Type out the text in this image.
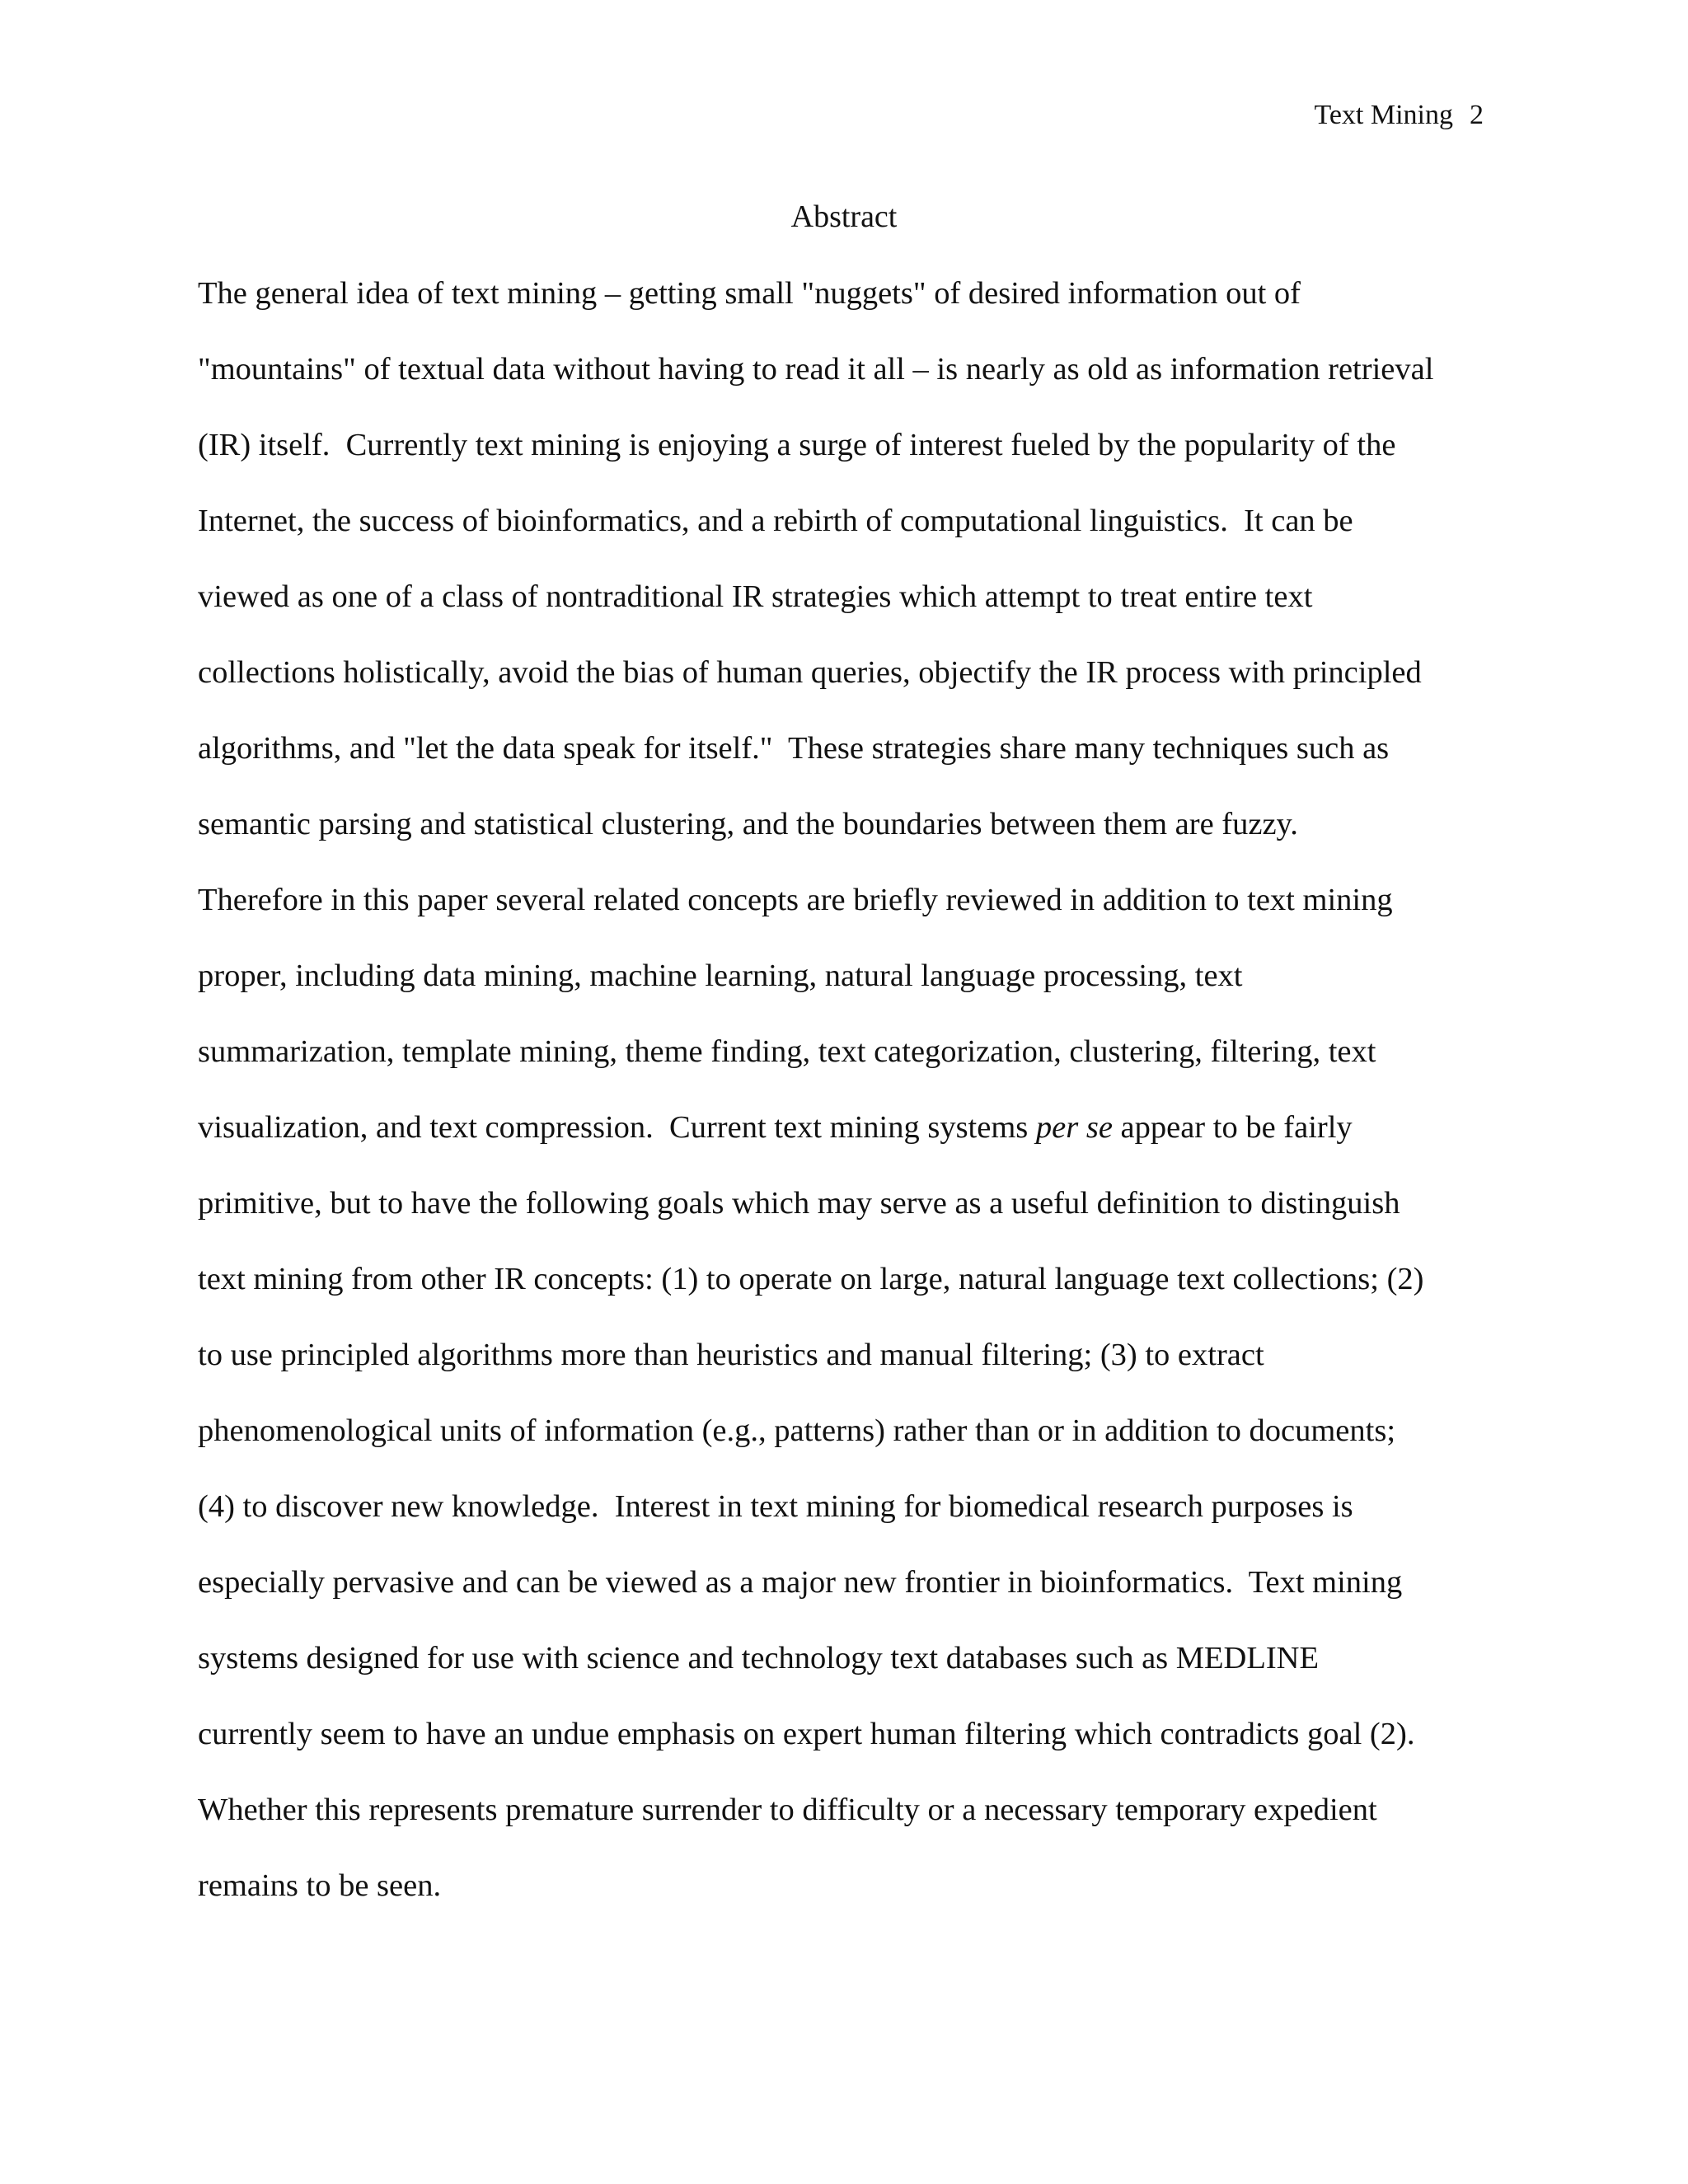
Text Mining 2
Abstract
The general idea of text mining – getting small "nuggets" of desired information out of
"mountains" of textual data without having to read it all – is nearly as old as information retrieval
(IR) itself.  Currently text mining is enjoying a surge of interest fueled by the popularity of the
Internet, the success of bioinformatics, and a rebirth of computational linguistics.  It can be
viewed as one of a class of nontraditional IR strategies which attempt to treat entire text
collections holistically, avoid the bias of human queries, objectify the IR process with principled
algorithms, and "let the data speak for itself."  These strategies share many techniques such as
semantic parsing and statistical clustering, and the boundaries between them are fuzzy.
Therefore in this paper several related concepts are briefly reviewed in addition to text mining
proper, including data mining, machine learning, natural language processing, text
summarization, template mining, theme finding, text categorization, clustering, filtering, text
visualization, and text compression.  Current text mining systems per se appear to be fairly
primitive, but to have the following goals which may serve as a useful definition to distinguish
text mining from other IR concepts: (1) to operate on large, natural language text collections; (2)
to use principled algorithms more than heuristics and manual filtering; (3) to extract
phenomenological units of information (e.g., patterns) rather than or in addition to documents;
(4) to discover new knowledge.  Interest in text mining for biomedical research purposes is
especially pervasive and can be viewed as a major new frontier in bioinformatics.  Text mining
systems designed for use with science and technology text databases such as MEDLINE
currently seem to have an undue emphasis on expert human filtering which contradicts goal (2).
Whether this represents premature surrender to difficulty or a necessary temporary expedient
remains to be seen.
